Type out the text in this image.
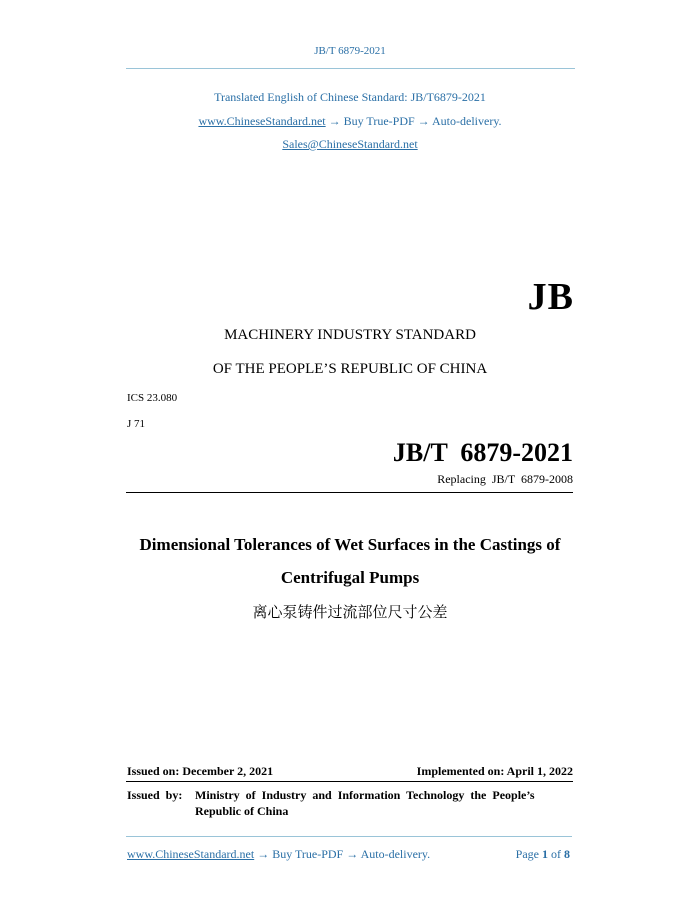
JB/T 6879-2021
Translated English of Chinese Standard: JB/T6879-2021
www.ChineseStandard.net → Buy True-PDF → Auto-delivery.
Sales@ChineseStandard.net
JB
MACHINERY INDUSTRY STANDARD
OF THE PEOPLE’S REPUBLIC OF CHINA
ICS 23.080
J 71
JB/T  6879-2021
Replacing  JB/T  6879-2008
Dimensional Tolerances of Wet Surfaces in the Castings of
Centrifugal Pumps
离心泵铸件过流部位尺寸公差
Issued on: December 2, 2021	Implemented on: April 1, 2022
Issued  by: Ministry  of  Industry  and  Information  Technology  the  People’s
Republic of China
www.ChineseStandard.net → Buy True-PDF → Auto-delivery.	Page 1 of 8
